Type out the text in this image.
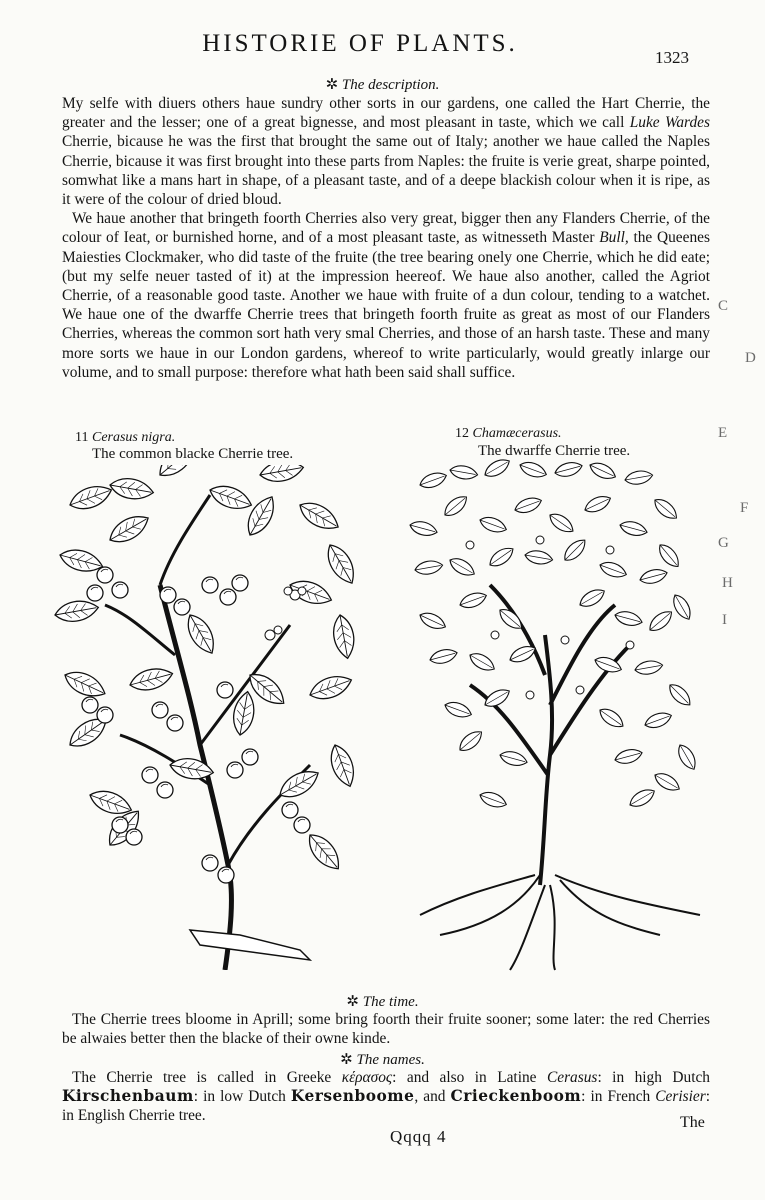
HISTORIE OF PLANTS.
1323
✲ The description.

My selfe with diuers others haue sundry other sorts in our gardens, one called the Hart Cherrie, the greater and the lesser; one of a great bignesse, and most pleasant in taste, which we call Luke Wardes Cherrie, bicause he was the first that brought the same out of Italy; another we haue called the Naples Cherrie, bicause it was first brought into these parts from Naples: the fruite is verie great, sharpe pointed, somwhat like a mans hart in shape, of a pleasant taste, and of a deepe blackish colour when it is ripe, as it were of the colour of dried bloud.

We haue another that bringeth foorth Cherries also very great, bigger then any Flanders Cherrie, of the colour of Ieat, or burnished horne, and of a most pleasant taste, as witnesseth Master Bull, the Queenes Maiesties Clockmaker, who did taste of the fruite (the tree bearing onely one Cherrie, which he did eate; (but my selfe neuer tasted of it) at the impression heereof. We haue also another, called the Agriot Cherrie, of a reasonable good taste. Another we haue with fruite of a dun colour, tending to a watchet. We haue one of the dwarffe Cherrie trees that bringeth foorth fruite as great as most of our Flanders Cherries, whereas the common sort hath very smal Cherries, and those of an harsh taste. These and many more sorts we haue in our London gardens, whereof to write particularly, would greatly inlarge our volume, and to small purpose: therefore what hath been said shall suffice.

C
D
E
F
G
H
I
11 Cerasus nigra.
The common blacke Cherrie tree.
12 Chamæcerasus.
The dwarffe Cherrie tree.
✲ The time.

The Cherrie trees bloome in Aprill; some bring foorth their fruite sooner; some later: the red Cherries be alwaies better then the blacke of their owne kinde.

✲ The names.

The Cherrie tree is called in Greeke κέρασος: and also in Latine Cerasus: in high Dutch Kirschenbaum: in low Dutch Kersenboome, and Crieckenboom: in French Cerisier: in English Cherrie tree.

Qqqq 4
The
